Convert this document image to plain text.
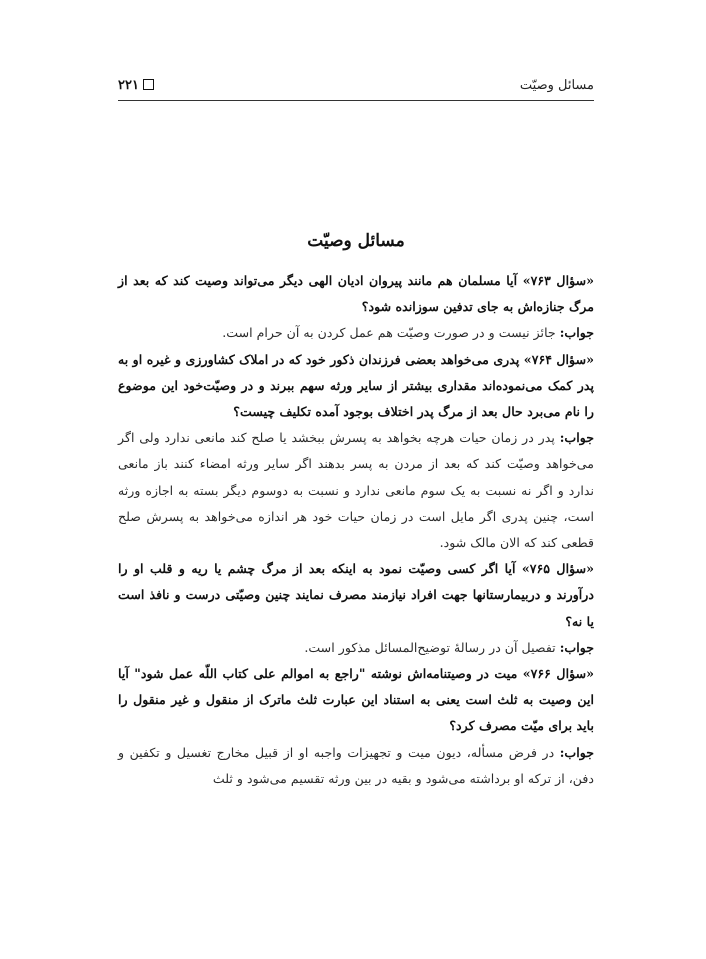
مسائل وصیّت
۲۲۱
مسائل وصیّت

«سؤال ۷۶۳» آیا مسلمان هم مانند پیروان ادیان الهی دیگر می‌تواند وصیت کند که بعد از مرگ جنازه‌اش به جای تدفین سوزانده شود؟

جواب: جائز نیست و در صورت وصیّت هم عمل کردن به آن حرام است.

«سؤال ۷۶۴» پدری می‌خواهد بعضی فرزندان ذکور خود که در املاک کشاورزی و غیره او به پدر کمک می‌نموده‌اند مقداری بیشتر از سایر ورثه سهم ببرند و در وصیّت‌خود این موضوع را نام می‌برد حال بعد از مرگ پدر اختلاف بوجود آمده تکلیف چیست؟

جواب: پدر در زمان حیات هرچه بخواهد به پسرش ببخشد یا صلح کند مانعی ندارد ولی اگر می‌خواهد وصیّت کند که بعد از مردن به پسر بدهند اگر سایر ورثه امضاء کنند باز مانعی ندارد و اگر نه نسبت به یک سوم مانعی ندارد و نسبت به دوسوم دیگر بسته به اجازه ورثه است، چنین پدری اگر مایل است در زمان حیات خود هر اندازه می‌خواهد به پسرش صلح قطعی کند که الان مالک شود.

«سؤال ۷۶۵» آیا اگر کسی وصیّت نمود به اینکه بعد از مرگ چشم یا ریه و قلب او را درآورند و دربیمارستانها جهت افراد نیازمند مصرف نمایند چنین وصیّتی درست و نافذ است یا نه؟

جواب: تفصیل آن در رسالهٔ توضیح‌المسائل مذکور است.

«سؤال ۷۶۶» میت در وصیتنامه‌اش نوشته "راجع به اموالم علی کتاب اللّه عمل شود" آیا این وصیت به ثلث است یعنی به استناد این عبارت ثلث ماترک از منقول و غیر منقول را باید برای میّت مصرف کرد؟

جواب: در فرض مسأله، دیون میت و تجهیزات واجبه او از قبیل مخارج تغسیل و تکفین و دفن، از ترکه او برداشته می‌شود و بقیه در بین ورثه تقسیم می‌شود و ثلث
